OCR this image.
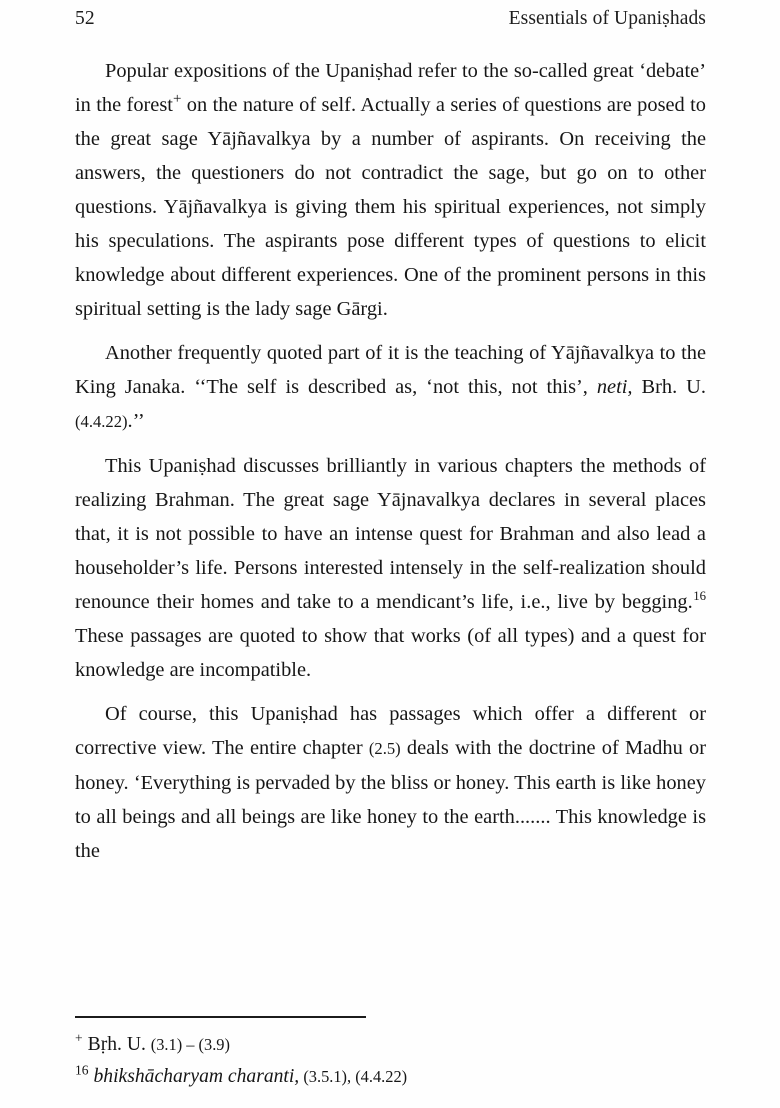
52	Essentials of Upaniṣhads

Popular expositions of the Upaniṣhad refer to the so-called great ‘debate’ in the forest+ on the nature of self. Actually a series of questions are posed to the great sage Yājñavalkya by a number of aspirants. On receiving the answers, the questioners do not contradict the sage, but go on to other questions. Yājñavalkya is giving them his spiritual experiences, not simply his speculations. The aspirants pose different types of questions to elicit knowledge about different experiences. One of the prominent persons in this spiritual setting is the lady sage Gārgi.

Another frequently quoted part of it is the teaching of Yājñavalkya to the King Janaka. ‘‘The self is described as, ‘not this, not this’, neti, Brh. U. (4.4.22).’’

This Upaniṣhad discusses brilliantly in various chapters the methods of realizing Brahman. The great sage Yājnavalkya declares in several places that, it is not possible to have an intense quest for Brahman and also lead a householder’s life. Persons interested intensely in the self-realization should renounce their homes and take to a mendicant’s life, i.e., live by begging.$^{16}$ These passages are quoted to show that works (of all types) and a quest for knowledge are incompatible.

Of course, this Upaniṣhad has passages which offer a different or corrective view. The entire chapter (2.5) deals with the doctrine of Madhu or honey. ‘Everything is pervaded by the bliss or honey. This earth is like honey to all beings and all beings are like honey to the earth....... This knowledge is the

+ Bṛh. U. (3.1) – (3.9)
$^{16}$ bhikshācharyam charanti, (3.5.1), (4.4.22)
